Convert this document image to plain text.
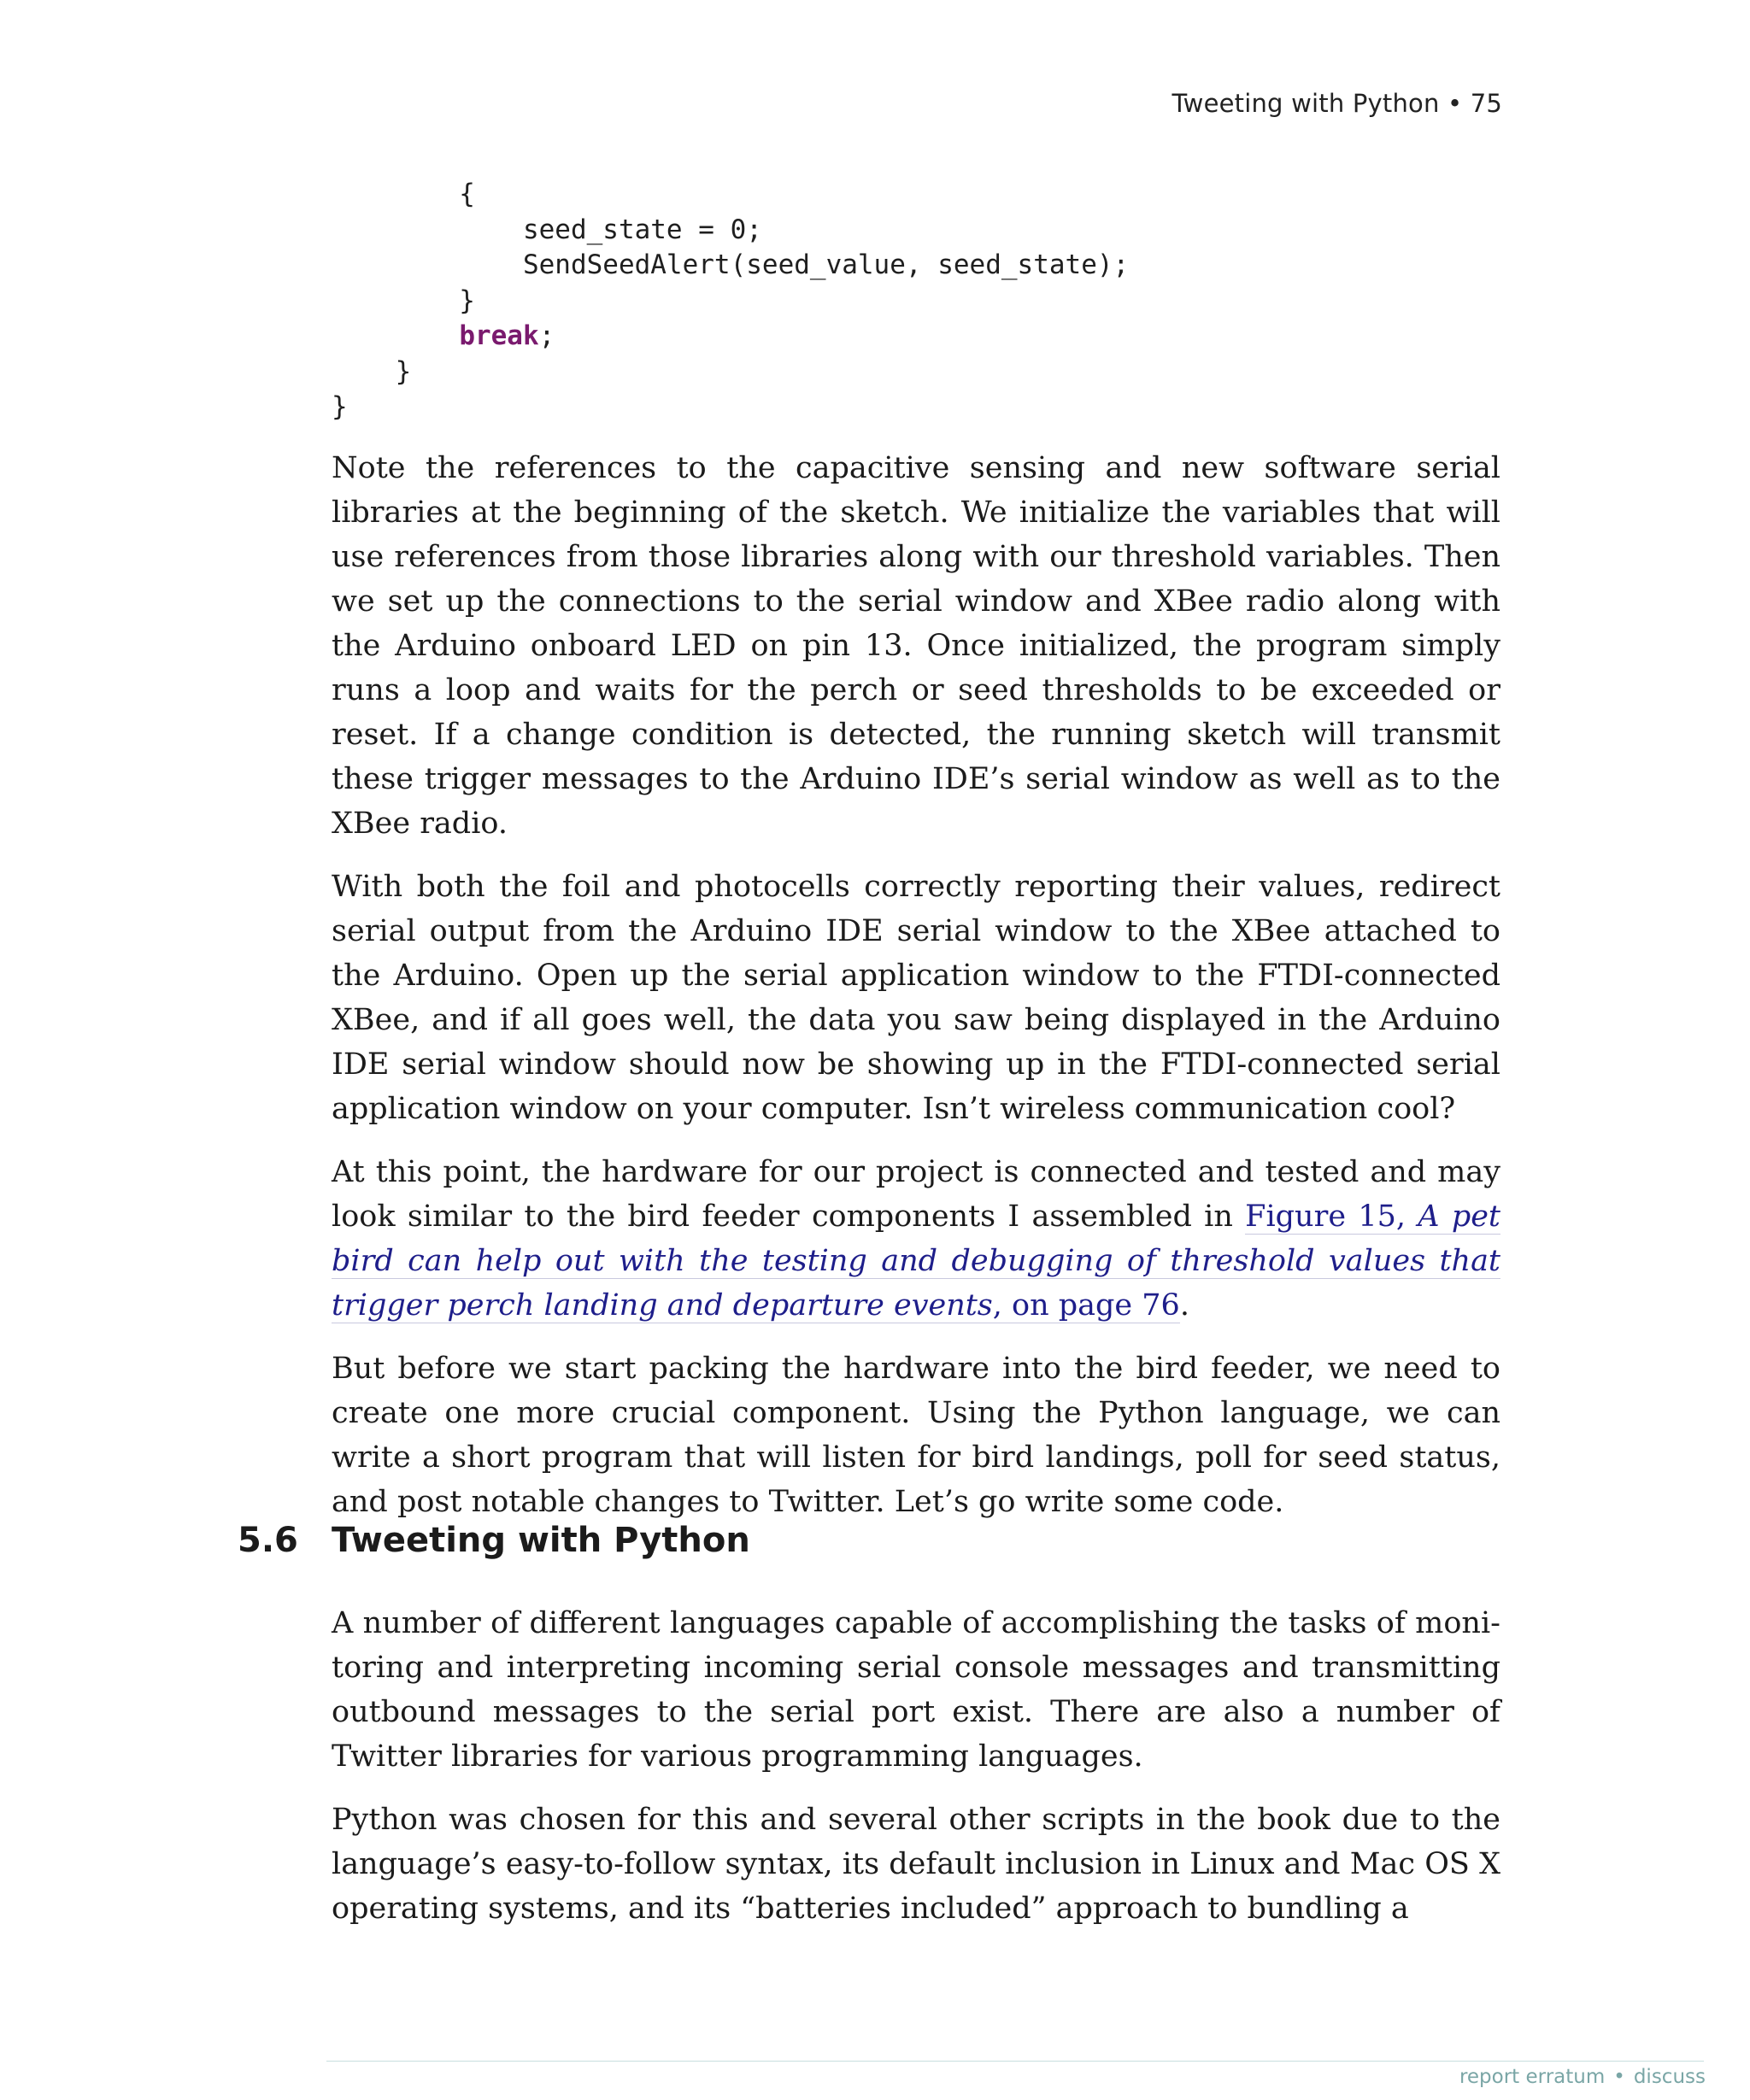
Tweeting with Python • 75
{
seed_state = 0;
SendSeedAlert(seed_value, seed_state);
}
break;
}
}

Note the references to the capacitive sensing and new software serial libraries at the beginning of the sketch. We initialize the variables that will use references from those libraries along with our threshold variables. Then we set up the connections to the serial window and XBee radio along with the Arduino onboard LED on pin 13. Once initialized, the program simply runs a loop and waits for the perch or seed thresholds to be exceeded or reset. If a change condition is detected, the running sketch will transmit these trigger messages to the Arduino IDE’s serial window as well as to the XBee radio.

With both the foil and photocells correctly reporting their values, redirect serial output from the Arduino IDE serial window to the XBee attached to the Arduino. Open up the serial application window to the FTDI-connected XBee, and if all goes well, the data you saw being displayed in the Arduino IDE serial window should now be showing up in the FTDI-connected serial application window on your computer. Isn’t wireless communication cool?

At this point, the hardware for our project is connected and tested and may look similar to the bird feeder components I assembled in Figure 15, A pet bird can help out with the testing and debugging of threshold values that trigger perch landing and departure events, on page 76.

But before we start packing the hardware into the bird feeder, we need to create one more crucial component. Using the Python language, we can write a short program that will listen for bird landings, poll for seed status, and post notable changes to Twitter. Let’s go write some code.

5.6 Tweeting with Python

A number of different languages capable of accomplishing the tasks of monitoring and interpreting incoming serial console messages and transmitting outbound messages to the serial port exist. There are also a number of Twitter libraries for various programming languages.

Python was chosen for this and several other scripts in the book due to the language’s easy-to-follow syntax, its default inclusion in Linux and Mac OS X operating systems, and its “batteries included” approach to bundling a

report erratum • discuss
